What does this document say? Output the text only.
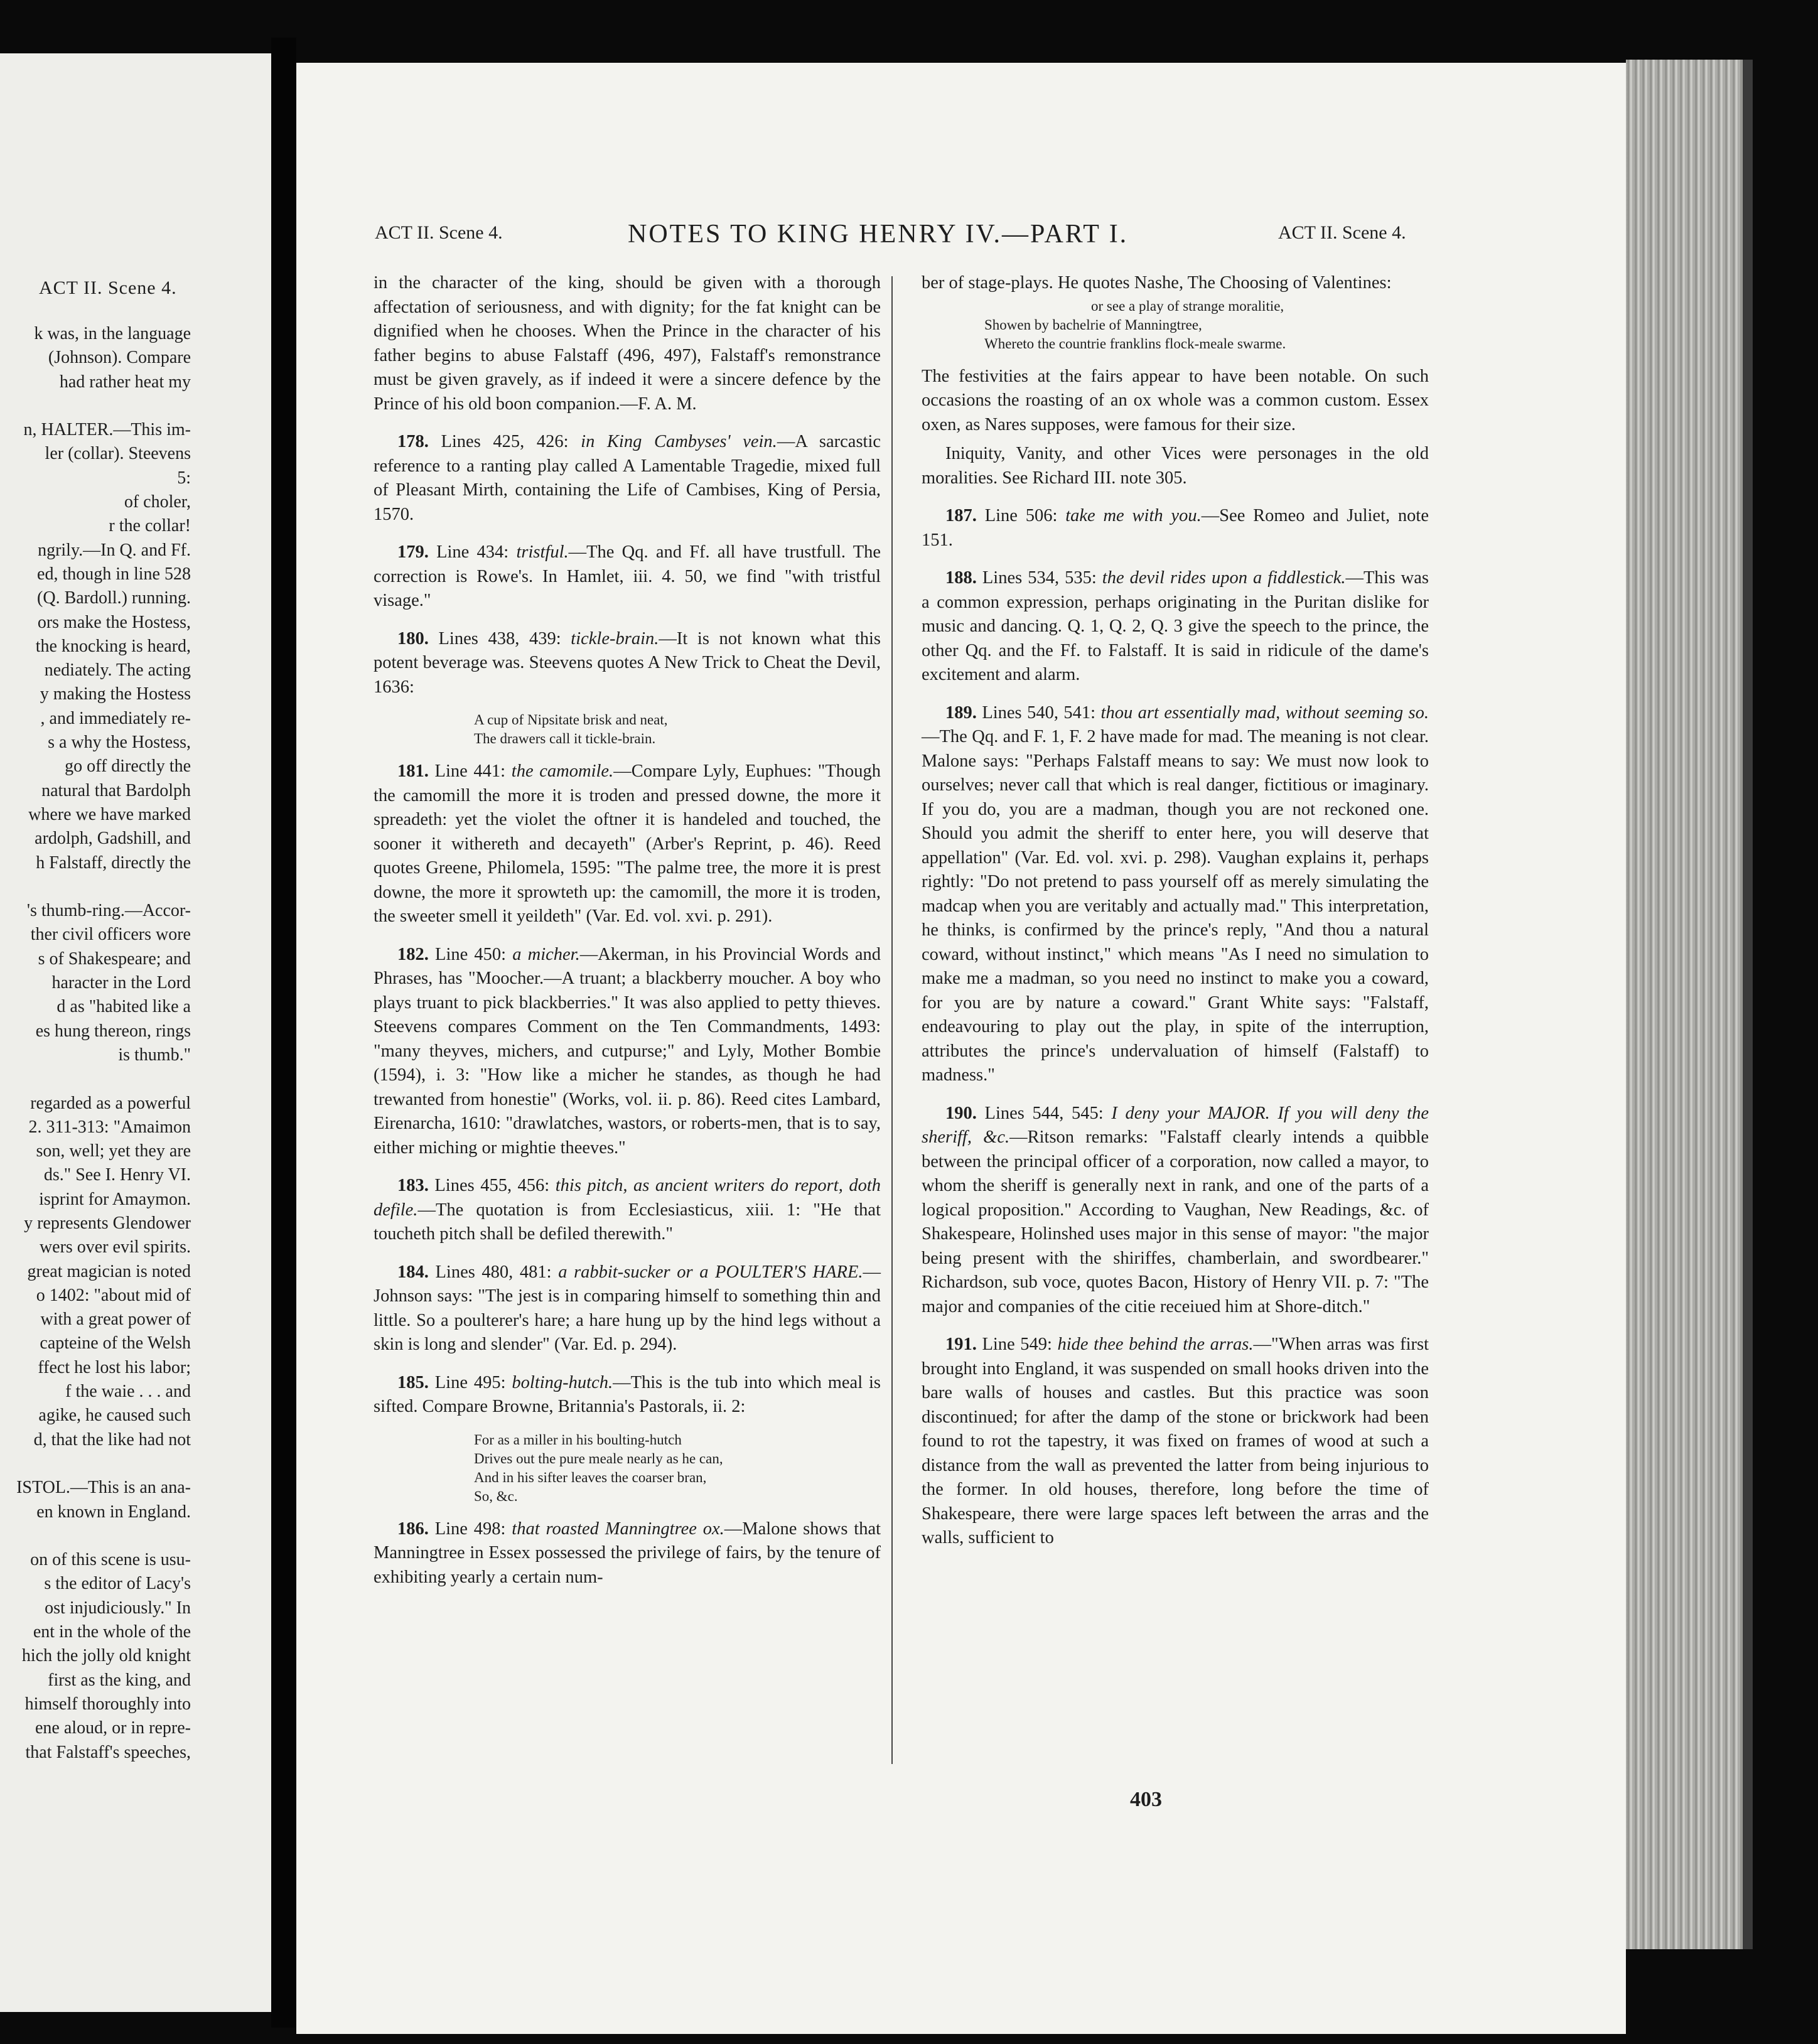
ACT II. Scene 4.
k was, in the language
(Johnson). Compare
had rather heat my
n, HALTER.—This im-
ler (collar). Steevens
5:
of choler,
r the collar!
ngrily.—In Q. and Ff.
ed, though in line 528
(Q. Bardoll.) running.
ors make the Hostess,
the knocking is heard,
nediately. The acting
y making the Hostess
, and immediately re-
s a why the Hostess,
go off directly the
natural that Bardolph
where we have marked
ardolph, Gadshill, and
h Falstaff, directly the
's thumb-ring.—Accor-
ther civil officers wore
s of Shakespeare; and
haracter in the Lord
d as "habited like a
es hung thereon, rings
is thumb."
regarded as a powerful
2. 311-313: "Amaimon
son, well; yet they are
ds." See I. Henry VI.
isprint for Amaymon.
y represents Glendower
wers over evil spirits.
great magician is noted
o 1402: "about mid of
with a great power of
capteine of the Welsh
ffect he lost his labor;
f the waie . . . and
agike, he caused such
d, that the like had not
ISTOL.—This is an ana-
en known in England.
on of this scene is usu-
s the editor of Lacy's
ost injudiciously." In
ent in the whole of the
hich the jolly old knight
first as the king, and
himself thoroughly into
ene aloud, or in repre-
that Falstaff's speeches,
ACT II. Scene 4.	NOTES TO KING HENRY IV.—PART I.	ACT II. Scene 4.

in the character of the king, should be given with a thorough affectation of seriousness, and with dignity; for the fat knight can be dignified when he chooses. When the Prince in the character of his father begins to abuse Falstaff (496, 497), Falstaff's remonstrance must be given gravely, as if indeed it were a sincere defence by the Prince of his old boon companion.—F. A. M.

178. Lines 425, 426: in King Cambyses' vein.—A sarcastic reference to a ranting play called A Lamentable Tragedie, mixed full of Pleasant Mirth, containing the Life of Cambises, King of Persia, 1570.

179. Line 434: tristful.—The Qq. and Ff. all have trustfull. The correction is Rowe's. In Hamlet, iii. 4. 50, we find "with tristful visage."

180. Lines 438, 439: tickle-brain.—It is not known what this potent beverage was. Steevens quotes A New Trick to Cheat the Devil, 1636:

A cup of Nipsitate brisk and neat,
The drawers call it tickle-brain.

181. Line 441: the camomile.—Compare Lyly, Euphues: "Though the camomill the more it is troden and pressed downe, the more it spreadeth: yet the violet the oftner it is handeled and touched, the sooner it withereth and decayeth" (Arber's Reprint, p. 46). Reed quotes Greene, Philomela, 1595: "The palme tree, the more it is prest downe, the more it sprowteth up: the camomill, the more it is troden, the sweeter smell it yeildeth" (Var. Ed. vol. xvi. p. 291).

182. Line 450: a micher.—Akerman, in his Provincial Words and Phrases, has "Moocher.—A truant; a blackberry moucher. A boy who plays truant to pick blackberries." It was also applied to petty thieves. Steevens compares Comment on the Ten Commandments, 1493: "many theyves, michers, and cutpurse;" and Lyly, Mother Bombie (1594), i. 3: "How like a micher he standes, as though he had trewanted from honestie" (Works, vol. ii. p. 86). Reed cites Lambard, Eirenarcha, 1610: "drawlatches, wastors, or roberts-men, that is to say, either miching or mightie theeves."

183. Lines 455, 456: this pitch, as ancient writers do report, doth defile.—The quotation is from Ecclesiasticus, xiii. 1: "He that toucheth pitch shall be defiled therewith."

184. Lines 480, 481: a rabbit-sucker or a POULTER'S HARE.—Johnson says: "The jest is in comparing himself to something thin and little. So a poulterer's hare; a hare hung up by the hind legs without a skin is long and slender" (Var. Ed. p. 294).

185. Line 495: bolting-hutch.—This is the tub into which meal is sifted. Compare Browne, Britannia's Pastorals, ii. 2:

For as a miller in his boulting-hutch
Drives out the pure meale nearly as he can,
And in his sifter leaves the coarser bran,
So, &c.

186. Line 498: that roasted Manningtree ox.—Malone shows that Manningtree in Essex possessed the privilege of fairs, by the tenure of exhibiting yearly a certain num-

ber of stage-plays. He quotes Nashe, The Choosing of Valentines:

or see a play of strange moralitie,
Showen by bachelrie of Manningtree,
Whereto the countrie franklins flock-meale swarme.

The festivities at the fairs appear to have been notable. On such occasions the roasting of an ox whole was a common custom. Essex oxen, as Nares supposes, were famous for their size.

Iniquity, Vanity, and other Vices were personages in the old moralities. See Richard III. note 305.

187. Line 506: take me with you.—See Romeo and Juliet, note 151.

188. Lines 534, 535: the devil rides upon a fiddlestick.—This was a common expression, perhaps originating in the Puritan dislike for music and dancing. Q. 1, Q. 2, Q. 3 give the speech to the prince, the other Qq. and the Ff. to Falstaff. It is said in ridicule of the dame's excitement and alarm.

189. Lines 540, 541: thou art essentially mad, without seeming so.—The Qq. and F. 1, F. 2 have made for mad. The meaning is not clear. Malone says: "Perhaps Falstaff means to say: We must now look to ourselves; never call that which is real danger, fictitious or imaginary. If you do, you are a madman, though you are not reckoned one. Should you admit the sheriff to enter here, you will deserve that appellation" (Var. Ed. vol. xvi. p. 298). Vaughan explains it, perhaps rightly: "Do not pretend to pass yourself off as merely simulating the madcap when you are veritably and actually mad." This interpretation, he thinks, is confirmed by the prince's reply, "And thou a natural coward, without instinct," which means "As I need no simulation to make me a madman, so you need no instinct to make you a coward, for you are by nature a coward." Grant White says: "Falstaff, endeavouring to play out the play, in spite of the interruption, attributes the prince's undervaluation of himself (Falstaff) to madness."

190. Lines 544, 545: I deny your MAJOR. If you will deny the sheriff, &c.—Ritson remarks: "Falstaff clearly intends a quibble between the principal officer of a corporation, now called a mayor, to whom the sheriff is generally next in rank, and one of the parts of a logical proposition." According to Vaughan, New Readings, &c. of Shakespeare, Holinshed uses major in this sense of mayor: "the major being present with the shiriffes, chamberlain, and swordbearer." Richardson, sub voce, quotes Bacon, History of Henry VII. p. 7: "The major and companies of the citie receiued him at Shore-ditch."

191. Line 549: hide thee behind the arras.—"When arras was first brought into England, it was suspended on small hooks driven into the bare walls of houses and castles. But this practice was soon discontinued; for after the damp of the stone or brickwork had been found to rot the tapestry, it was fixed on frames of wood at such a distance from the wall as prevented the latter from being injurious to the former. In old houses, therefore, long before the time of Shakespeare, there were large spaces left between the arras and the walls, sufficient to

403
